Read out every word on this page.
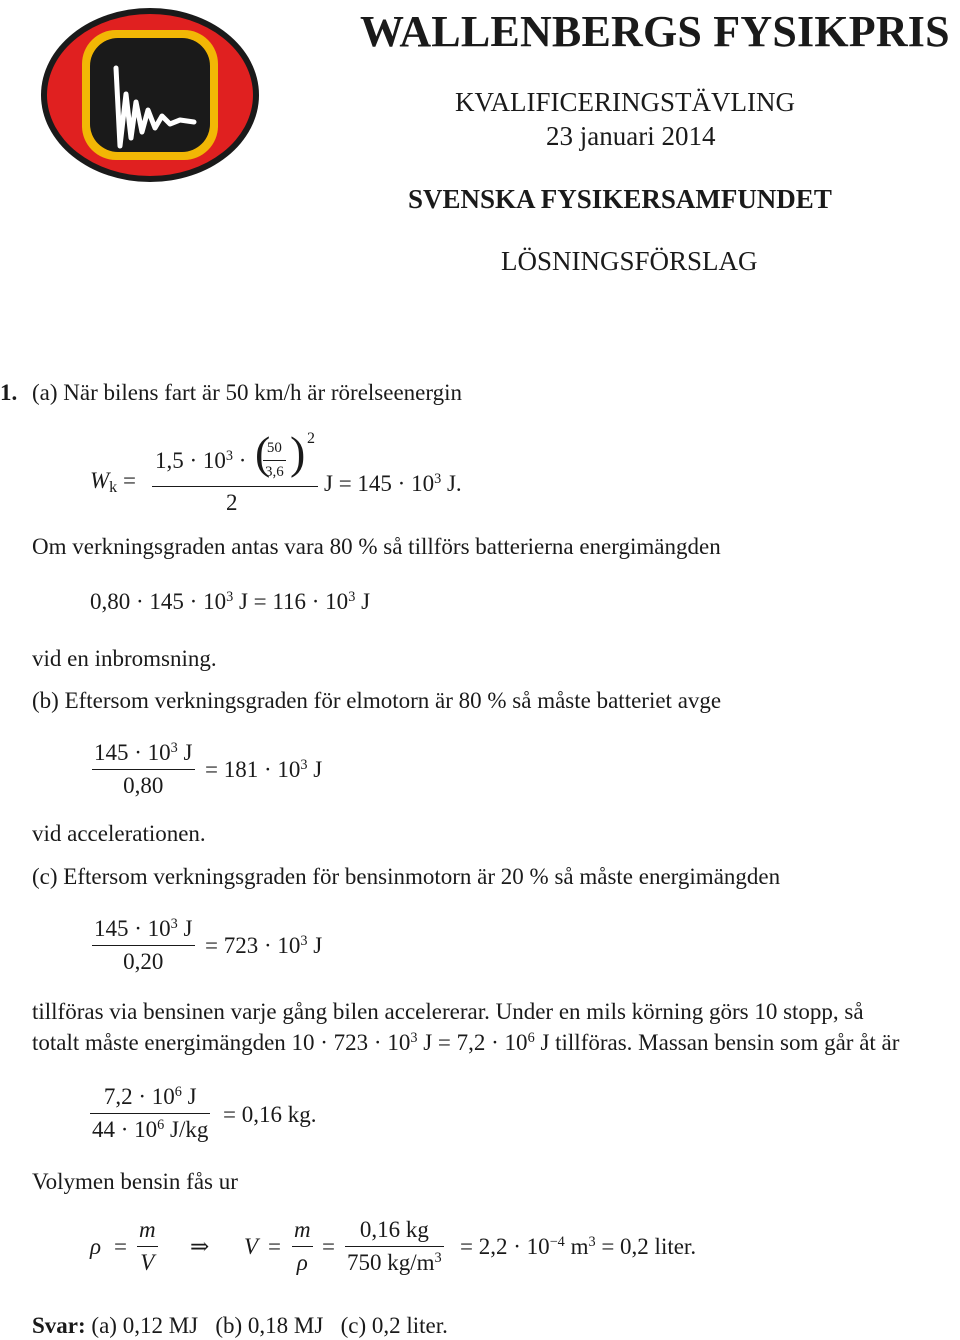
WALLENBERGS FYSIKPRIS
KVALIFICERINGSTÄVLING
23 januari 2014
SVENSKA FYSIKERSAMFUNDET
LÖSNINGSFÖRSLAG
1. (a) När bilens fart är 50 km/h är rörelseenergin
$W_k$ =
$1,5 \cdot 10^3$ · (
50
3,6 ) 2
2
$J = 145 \cdot 10^3$ J.
Om verkningsgraden antas vara 80 % så tillförs batterierna energimängden
$0,80 \cdot 145 \cdot 10^3$ $J = 116 \cdot 10^3$ J
vid en inbromsning.
(b) Eftersom verkningsgraden för elmotorn är 80 % så måste batteriet avge
$145 \cdot 10^3$ J
0,80
= $181 \cdot 10^3$ J
vid accelerationen.
(c) Eftersom verkningsgraden för bensinmotorn är 20 % så måste energimängden
$145 \cdot 10^3$ J
0,20
= $723 \cdot 10^3$ J
tillföras via bensinen varje gång bilen accelererar. Under en mils körning görs 10 stopp, så
totalt måste energimängden $10 \cdot 723 \cdot 10^3$ $J = 7,2 \cdot 10^6$ J tillföras. Massan bensin som går åt är
$7,2 \cdot 10^6$ J
$44 \cdot 10^6$ J/kg
= 0,16 kg.
Volymen bensin fås ur
ρ =
m
V
⇒ V =
m
ρ
=
0,16 kg
750 $kg/m^3 = 2,2 \cdot 10^{-4}$ $m^3 = 0,2$ liter.
Svar: (a) 0,12 MJ (b) 0,18 MJ (c) 0,2 liter.
